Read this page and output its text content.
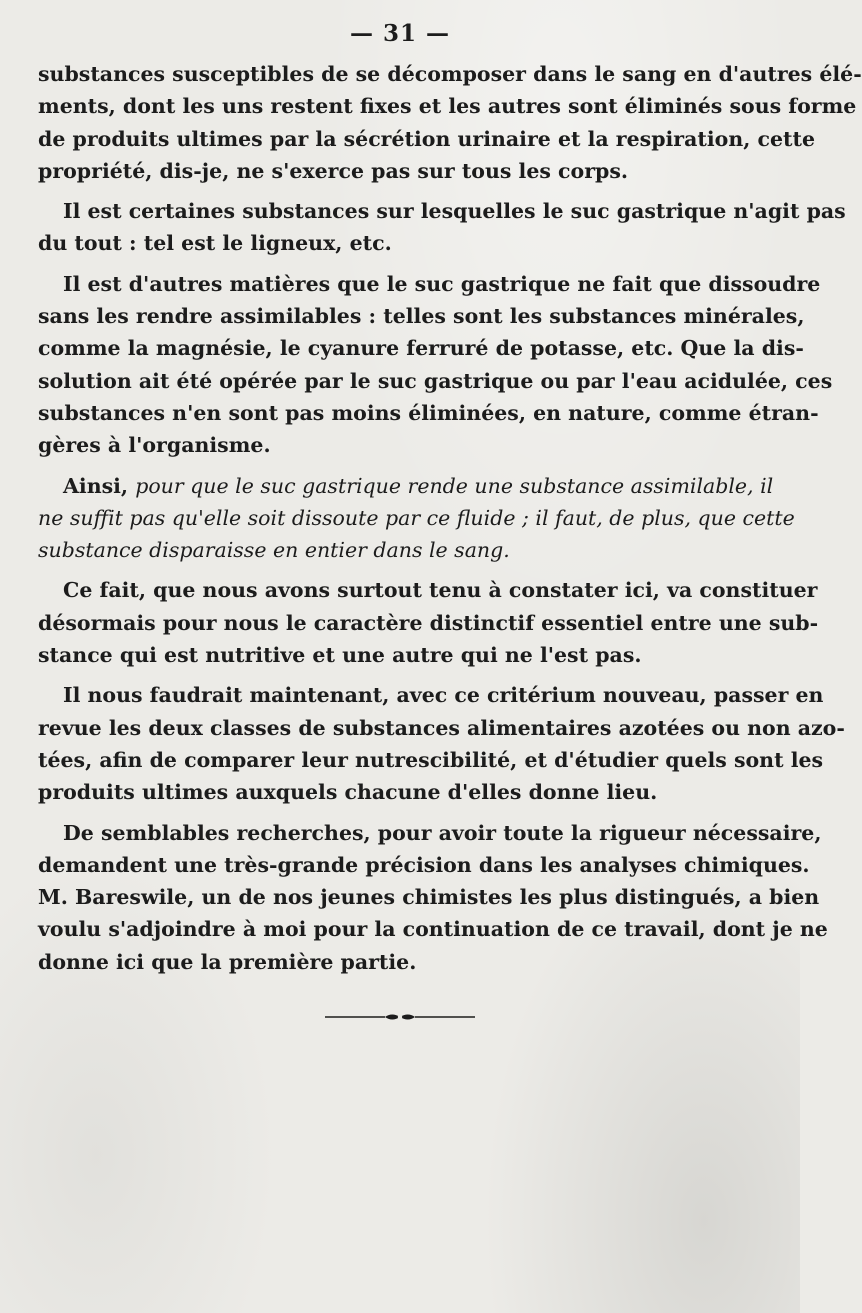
— 31 —

substances susceptibles de se décomposer dans le sang en d'autres élé-
ments, dont les uns restent fixes et les autres sont éliminés sous forme
de produits ultimes par la sécrétion urinaire et la respiration, cette
propriété, dis-je, ne s'exerce pas sur tous les corps.

Il est certaines substances sur lesquelles le suc gastrique n'agit pas
du tout : tel est le ligneux, etc.

Il est d'autres matières que le suc gastrique ne fait que dissoudre
sans les rendre assimilables : telles sont les substances minérales,
comme la magnésie, le cyanure ferruré de potasse, etc. Que la dis-
solution ait été opérée par le suc gastrique ou par l'eau acidulée, ces
substances n'en sont pas moins éliminées, en nature, comme étran-
gères à l'organisme.

Ainsi, pour que le suc gastrique rende une substance assimilable, il
ne suffit pas qu'elle soit dissoute par ce fluide ; il faut, de plus, que cette
substance disparaisse en entier dans le sang.

Ce fait, que nous avons surtout tenu à constater ici, va constituer
désormais pour nous le caractère distinctif essentiel entre une sub-
stance qui est nutritive et une autre qui ne l'est pas.

Il nous faudrait maintenant, avec ce critérium nouveau, passer en
revue les deux classes de substances alimentaires azotées ou non azo-
tées, afin de comparer leur nutrescibilité, et d'étudier quels sont les
produits ultimes auxquels chacune d'elles donne lieu.

De semblables recherches, pour avoir toute la rigueur nécessaire,
demandent une très-grande précision dans les analyses chimiques.
M. Bareswile, un de nos jeunes chimistes les plus distingués, a bien
voulu s'adjoindre à moi pour la continuation de ce travail, dont je ne
donne ici que la première partie.
